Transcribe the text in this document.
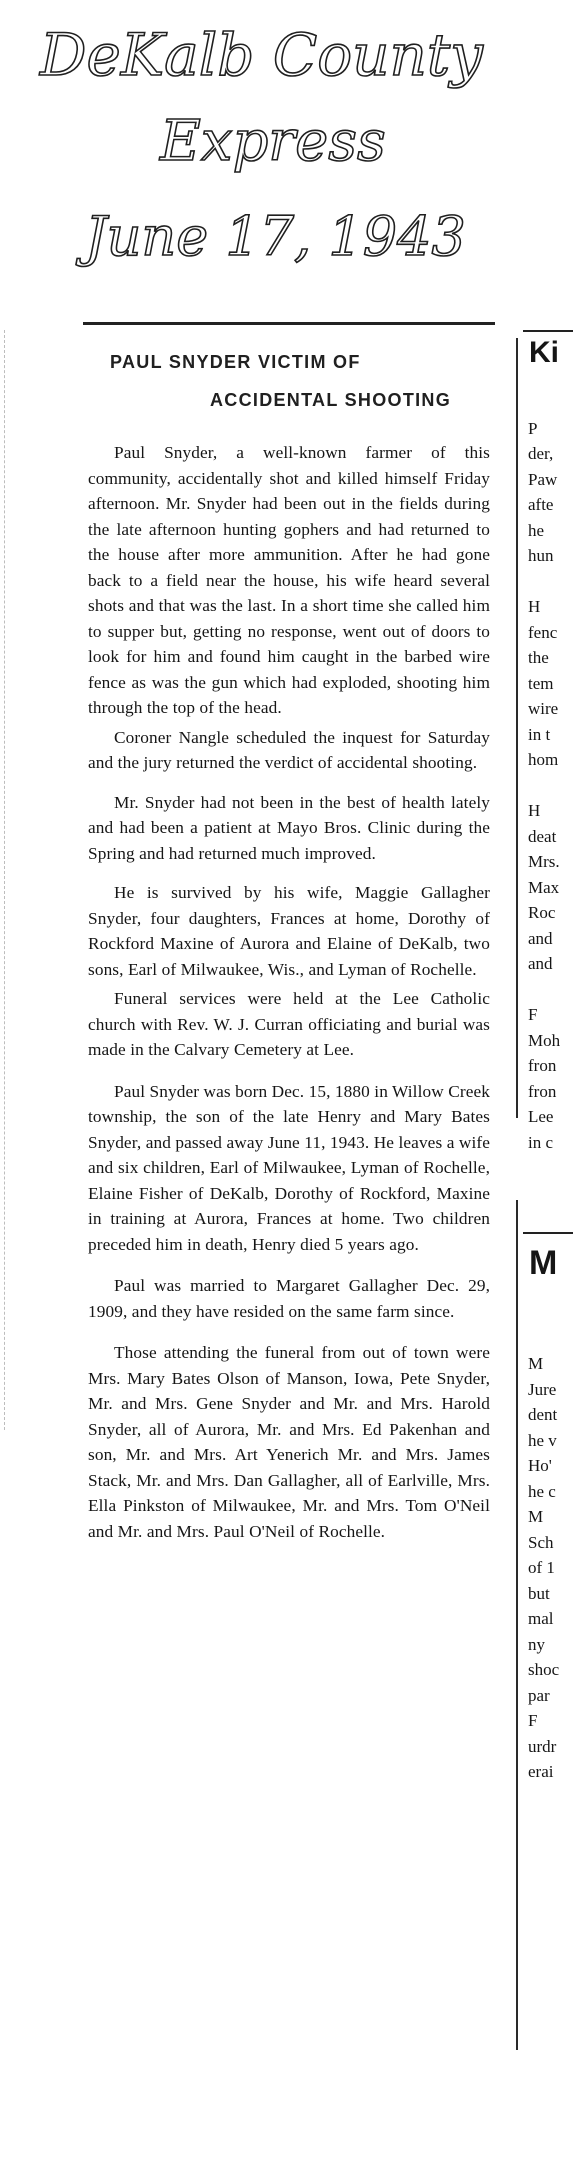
DeKalb County
Express
June 17, 1943
PAUL SNYDER VICTIM OF
ACCIDENTAL SHOOTING

Paul Snyder, a well-known farmer of this community, accidentally shot and killed himself Friday afternoon. Mr. Snyder had been out in the fields during the late afternoon hunting gophers and had returned to the house after more ammunition. After he had gone back to a field near the house, his wife heard several shots and that was the last. In a short time she called him to supper but, getting no response, went out of doors to look for him and found him caught in the barbed wire fence as was the gun which had exploded, shooting him through the top of the head.

Coroner Nangle scheduled the inquest for Saturday and the jury returned the verdict of accidental shooting.

Mr. Snyder had not been in the best of health lately and had been a patient at Mayo Bros. Clinic during the Spring and had returned much improved.

He is survived by his wife, Maggie Gallagher Snyder, four daughters, Frances at home, Dorothy of Rockford Maxine of Aurora and Elaine of DeKalb, two sons, Earl of Milwaukee, Wis., and Lyman of Rochelle.

Funeral services were held at the Lee Catholic church with Rev. W. J. Curran officiating and burial was made in the Calvary Cemetery at Lee.

Paul Snyder was born Dec. 15, 1880 in Willow Creek township, the son of the late Henry and Mary Bates Snyder, and passed away June 11, 1943. He leaves a wife and six children, Earl of Milwaukee, Lyman of Rochelle, Elaine Fisher of DeKalb, Dorothy of Rockford, Maxine in training at Aurora, Frances at home. Two children preceded him in death, Henry died 5 years ago.

Paul was married to Margaret Gallagher Dec. 29, 1909, and they have resided on the same farm since.

Those attending the funeral from out of town were Mrs. Mary Bates Olson of Manson, Iowa, Pete Snyder, Mr. and Mrs. Gene Snyder and Mr. and Mrs. Harold Snyder, all of Aurora, Mr. and Mrs. Ed Pakenhan and son, Mr. and Mrs. Art Yenerich Mr. and Mrs. James Stack, Mr. and Mrs. Dan Gallagher, all of Earlville, Mrs. Ella Pinkston of Milwaukee, Mr. and Mrs. Tom O'Neil and Mr. and Mrs. Paul O'Neil of Rochelle.

Ki

P
der,
Paw
afte
he
hun

H
fenc
the
tem
wire
in t
hom

H
deat
Mrs.
Max
Roc
and
and

F
Moh
fron
fron
Lee
in c
M

M
Jure
dent
he v
Ho'
he c
M
Sch
of 1
but
mal
ny
shoc
par
F
urdr
erai
